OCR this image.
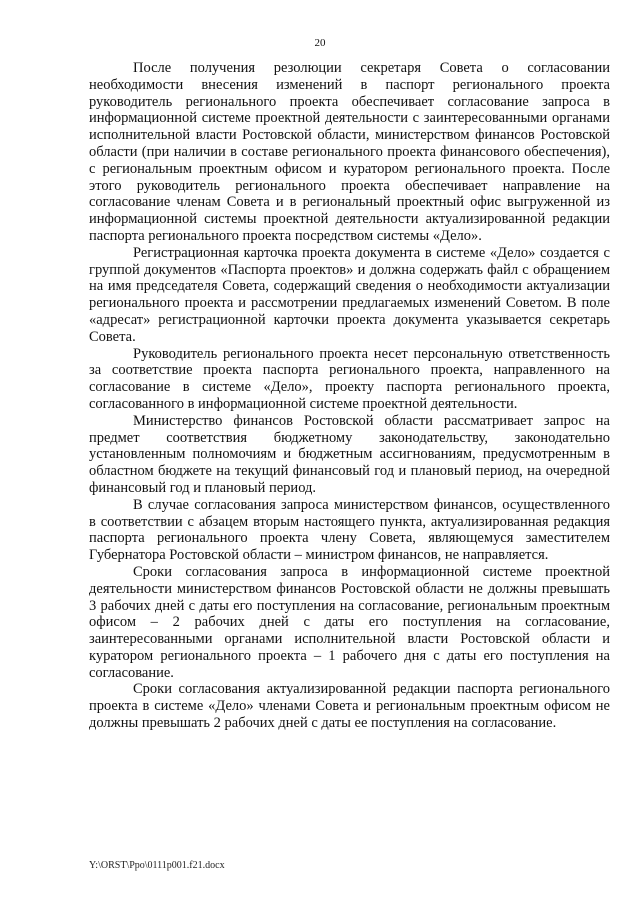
20

После получения резолюции секретаря Совета о согласовании необходимости внесения изменений в паспорт регионального проекта руководитель регионального проекта обеспечивает согласование запроса в информационной системе проектной деятельности с заинтересованными органами исполнительной власти Ростовской области, министерством финансов Ростовской области (при наличии в составе регионального проекта финансового обеспечения), с региональным проектным офисом и куратором регионального проекта. После этого руководитель регионального проекта обеспечивает направление на согласование членам Совета и в региональный проектный офис выгруженной из информационной системы проектной деятельности актуализированной редакции паспорта регионального проекта посредством системы «Дело».

Регистрационная карточка проекта документа в системе «Дело» создается с группой документов «Паспорта проектов» и должна содержать файл с обращением на имя председателя Совета, содержащий сведения о необходимости актуализации регионального проекта и рассмотрении предлагаемых изменений Советом. В поле «адресат» регистрационной карточки проекта документа указывается секретарь Совета.

Руководитель регионального проекта несет персональную ответственность за соответствие проекта паспорта регионального проекта, направленного на согласование в системе «Дело», проекту паспорта регионального проекта, согласованного в информационной системе проектной деятельности.

Министерство финансов Ростовской области рассматривает запрос на предмет соответствия бюджетному законодательству, законодательно установленным полномочиям и бюджетным ассигнованиям, предусмотренным в областном бюджете на текущий финансовый год и плановый период, на очередной финансовый год и плановый период.

В случае согласования запроса министерством финансов, осуществленного в соответствии с абзацем вторым настоящего пункта, актуализированная редакция паспорта регионального проекта члену Совета, являющемуся заместителем Губернатора Ростовской области – министром финансов, не направляется.

Сроки согласования запроса в информационной системе проектной деятельности министерством финансов Ростовской области не должны превышать 3 рабочих дней с даты его поступления на согласование, региональным проектным офисом – 2 рабочих дней с даты его поступления на согласование, заинтересованными органами исполнительной власти Ростовской области и куратором регионального проекта – 1 рабочего дня с даты его поступления на согласование.

Сроки согласования актуализированной редакции паспорта регионального проекта в системе «Дело» членами Совета и региональным проектным офисом не должны превышать 2 рабочих дней с даты ее поступления на согласование.

Y:\ORST\Ppo\0111p001.f21.docx
